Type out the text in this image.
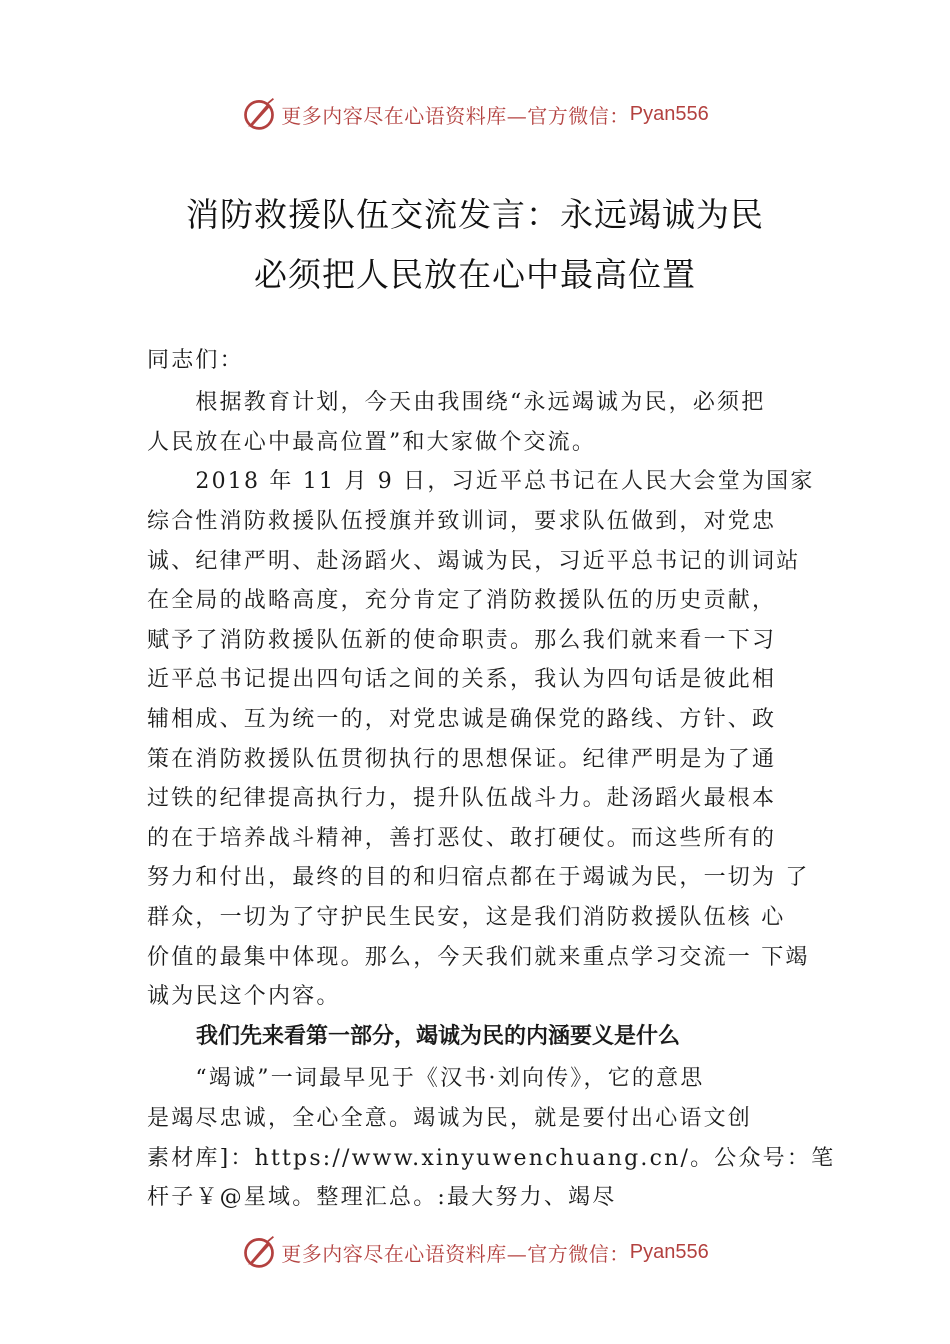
更多内容尽在心语资料库—官方微信： Pyan556
消防救援队伍交流发言：永远竭诚为民
必须把人民放在心中最高位置
同志们：
　　根据教育计划，今天由我围绕“永远竭诚为民，必须把
人民放在心中最高位置”和大家做个交流。
　　2018 年 11 月 9 日，习近平总书记在人民大会堂为国家
综合性消防救援队伍授旗并致训词，要求队伍做到，对党忠
诚、纪律严明、赴汤蹈火、竭诚为民，习近平总书记的训词站
在全局的战略高度，充分肯定了消防救援队伍的历史贡献，
赋予了消防救援队伍新的使命职责。那么我们就来看一下习
近平总书记提出四句话之间的关系，我认为四句话是彼此相
辅相成、互为统一的，对党忠诚是确保党的路线、方针、政
策在消防救援队伍贯彻执行的思想保证。纪律严明是为了通
过铁的纪律提高执行力，提升队伍战斗力。赴汤蹈火最根本
的在于培养战斗精神，善打恶仗、敢打硬仗。而这些所有的
努力和付出，最终的目的和归宿点都在于竭诚为民，一切为 了
群众，一切为了守护民生民安，这是我们消防救援队伍核 心
价值的最集中体现。那么，今天我们就来重点学习交流一 下竭
诚为民这个内容。
我们先来看第一部分，竭诚为民的内涵要义是什么
　　“竭诚”一词最早见于《汉书·刘向传》，它的意思
是竭尽忠诚，全心全意。竭诚为民，就是要付出心语文创
素材库]：https://www.xinyuwenchuang.cn/。公众号：笔
杆子￥@星域。整理汇总。:最大努力、竭尽
更多内容尽在心语资料库—官方微信： Pyan556
